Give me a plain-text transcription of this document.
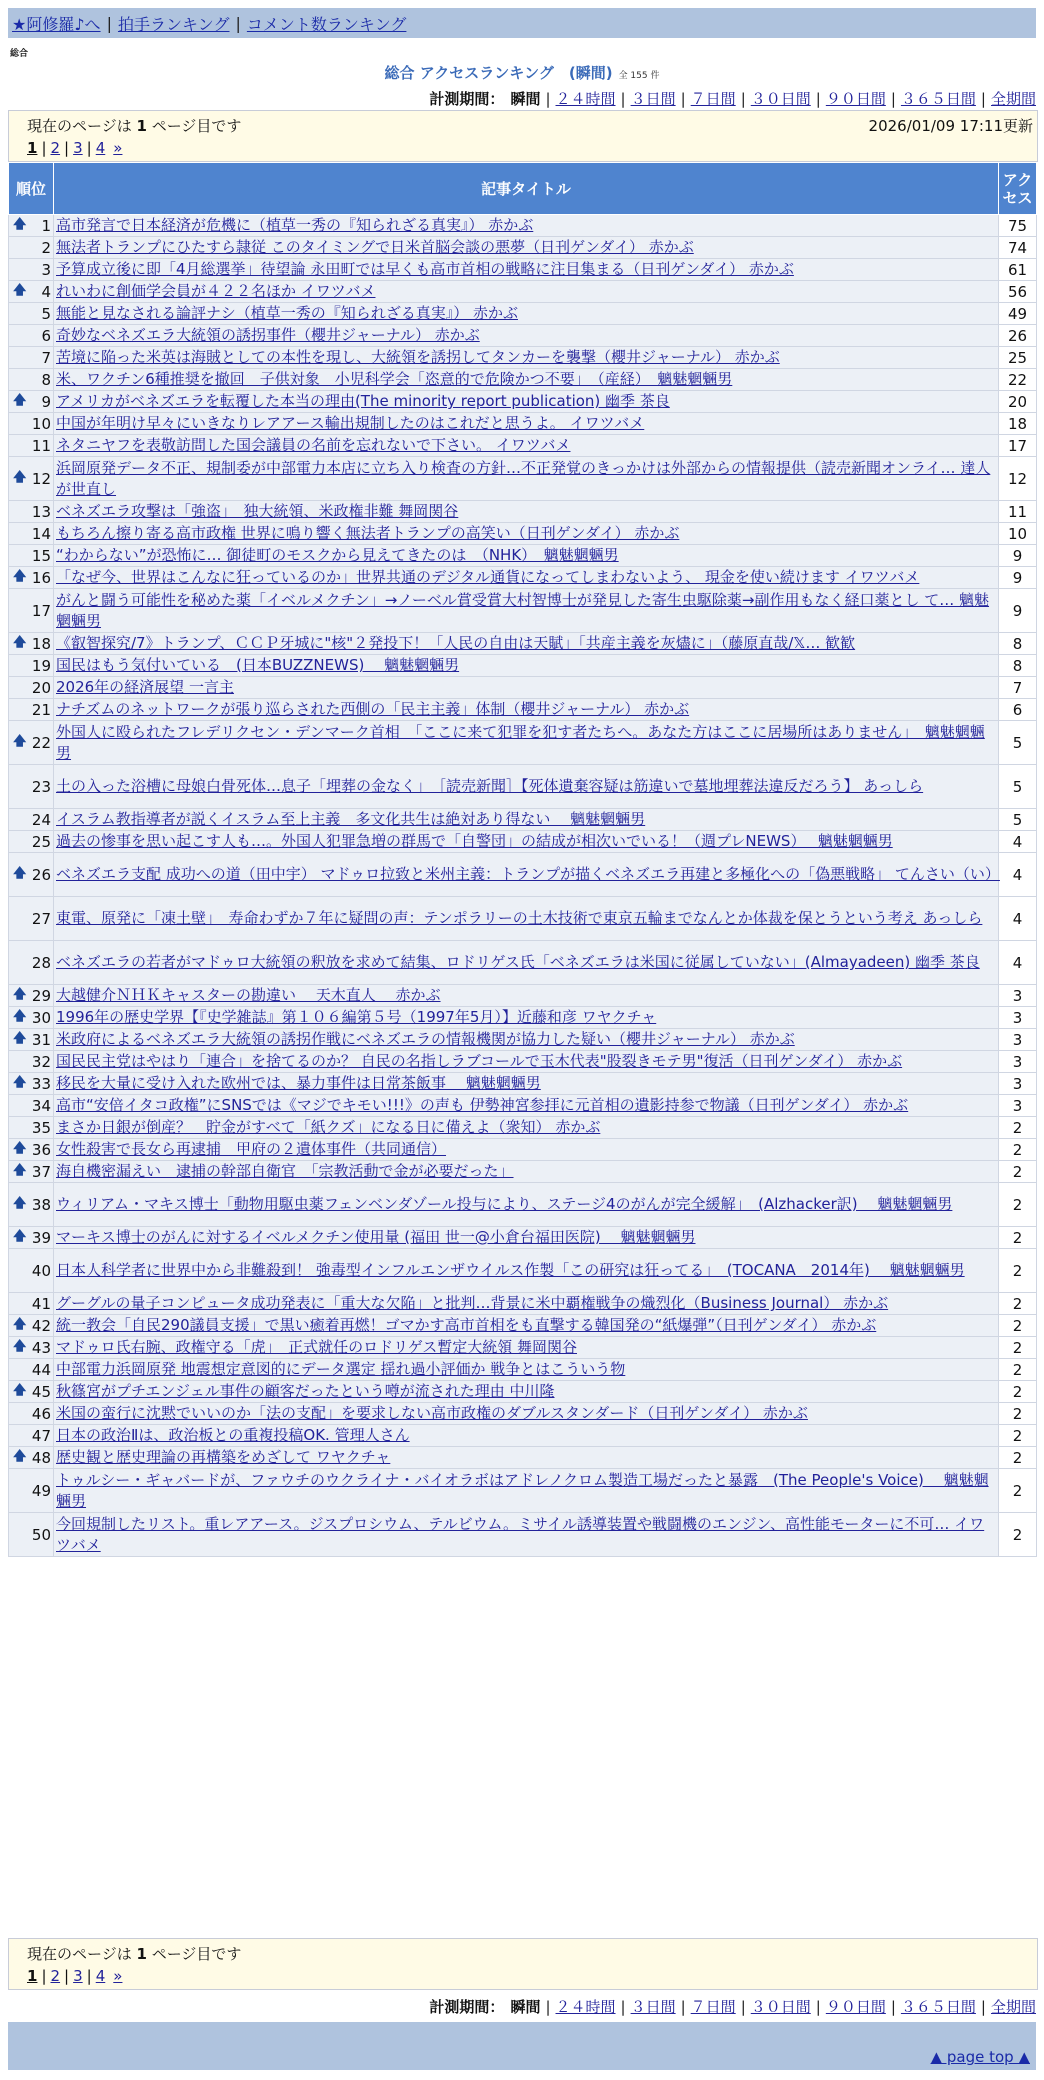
★阿修羅♪へ | 拍手ランキング | コメント数ランキング
総合
総合 アクセスランキング　(瞬間) 全 155 件
計測期間： 瞬間 | ２４時間 | ３日間 | ７日間 | ３０日間 | ９０日間 | ３６５日間 | 全期間
現在のページは 1 ページ目です	2026/01/09 17:11更新
1 | 2 | 3 | 4 »
順位	記事タイトル	アクセス

🡅 1	高市発言で日本経済が危機に（植草一秀の『知られざる真実』） 赤かぶ	75
2	無法者トランプにひたすら隷従 このタイミングで日米首脳会談の悪夢（日刊ゲンダイ） 赤かぶ	74
3	予算成立後に即「4月総選挙」待望論 永田町では早くも高市首相の戦略に注目集まる（日刊ゲンダイ） 赤かぶ	61

🡅 4	れいわに創価学会員が４２２名ほか イワツバメ	56
5	無能と見なされる論評ナシ（植草一秀の『知られざる真実』） 赤かぶ	49
6	奇妙なベネズエラ大統領の誘拐事件（櫻井ジャーナル） 赤かぶ	26
7	苦境に陥った米英は海賊としての本性を現し、大統領を誘拐してタンカーを襲撃（櫻井ジャーナル） 赤かぶ	25
8	米、ワクチン6種推奨を撤回　子供対象　小児科学会「恣意的で危険かつ不要」　（産経）　魑魅魍魎男	22

🡅 9	アメリカがベネズエラを転覆した本当の理由(The minority report publication) 幽季 茶良	20
10	中国が年明け早々にいきなりレアアース輸出規制したのはこれだと思うよ。 イワツバメ	18
11	ネタニヤフを表敬訪問した国会議員の名前を忘れないで下さい。 イワツバメ	17

🡅 12	浜岡原発データ不正、規制委が中部電力本店に立ち入り検査の方針…不正発覚のきっかけは外部からの情報提供（読売新聞オンライ… 達人が世直し	12
13	ベネズエラ攻撃は「強盗」　独大統領、米政権非難 舞岡関谷	11
14	もちろん擦り寄る高市政権 世界に鳴り響く無法者トランプの高笑い（日刊ゲンダイ） 赤かぶ	10
15	“わからない”が恐怖に… 御徒町のモスクから見えてきたのは　（NHK）　魑魅魍魎男	9

🡅 16	「なぜ今、世界はこんなに狂っているのか」世界共通のデジタル通貨になってしまわないよう、 現金を使い続けます イワツバメ	9
17	がんと闘う可能性を秘めた薬「イベルメクチン」→ノーベル賞受賞大村智博士が発見した寄生虫駆除薬→副作用もなく経口薬とし て… 魑魅魍魎男	9

🡅 18	《叡智探究/7》トランプ、ＣＣＰ牙城に"核"２発投下！「人民の自由は天賦」「共産主義を灰燼に」（藤原直哉/𝕏… 歓歓	8
19	国民はもう気付いている　(日本BUZZNEWS)　 魑魅魍魎男	8
20	2026年の経済展望 一言主	7
21	ナチズムのネットワークが張り巡らされた西側の「民主主義」体制（櫻井ジャーナル） 赤かぶ	6

🡅 22	外国人に殴られたフレデリクセン・デンマーク首相　「ここに来て犯罪を犯す者たちへ。あなた方はここに居場所はありません」　魑魅魍魎男	5
23	土の入った浴槽に母娘白骨死体…息子「埋葬の金なく」　［読売新聞］【死体遺棄容疑は筋違いで墓地埋葬法違反だろう】 あっしら	5
24	イスラム教指導者が説くイスラム至上主義　多文化共生は絶対あり得ない　 魑魅魍魎男	5
25	過去の惨事を思い起こす人も…。外国人犯罪急増の群馬で「自警団」の結成が相次いでいる！（週プレNEWS）　 魑魅魍魎男	4

🡅 26	ベネズエラ支配 成功への道（田中宇） マドゥロ拉致と米州主義：トランプが描くベネズエラ再建と多極化への「偽悪戦略」 てんさい（い）	4
27	東電、原発に「凍土壁」　寿命わずか７年に疑問の声：テンポラリーの土木技術で東京五輪までなんとか体裁を保とうという考え あっしら	4
28	ベネズエラの若者がマドゥロ大統領の釈放を求めて結集、ロドリゲス氏「ベネズエラは米国に従属していない」(Almayadeen) 幽季 茶良	4

🡅 29	大越健介ＮＨＫキャスターの勘違い　 天木直人　 赤かぶ	3

🡅 30	1996年の歴史学界【『史学雑誌』第１０６編第５号（1997年5月）】近藤和彦 ワヤクチャ	3

🡅 31	米政府によるベネズエラ大統領の誘拐作戦にベネズエラの情報機関が協力した疑い（櫻井ジャーナル） 赤かぶ	3
32	国民民主党はやはり「連合」を捨てるのか？ 自民の名指しラブコールで玉木代表"股裂きモテ男"復活（日刊ゲンダイ） 赤かぶ	3

🡅 33	移民を大量に受け入れた欧州では、暴力事件は日常茶飯事　 魑魅魍魎男	3
34	高市“安倍イタコ政権”にSNSでは《マジでキモい!!!》の声も 伊勢神宮参拝に元首相の遺影持参で物議（日刊ゲンダイ） 赤かぶ	3
35	まさか日銀が倒産？　貯金がすべて「紙クズ」になる日に備えよ（衆知） 赤かぶ	2

🡅 36	女性殺害で長女ら再逮捕　甲府の２遺体事件（共同通信）	2

🡅 37	海自機密漏えい　逮捕の幹部自衛官　「宗教活動で金が必要だった」	2

🡅 38	ウィリアム・マキス博士「動物用駆虫薬フェンベンダゾール投与により、ステージ4のがんが完全緩解」　(Alzhacker訳)　 魑魅魍魎男	2

🡅 39	マーキス博士のがんに対するイベルメクチン使用量 (福田 世一@小倉台福田医院)　 魑魅魍魎男	2
40	日本人科学者に世界中から非難殺到！ 強毒型インフルエンザウイルス作製「この研究は狂ってる」　(TOCANA　2014年)　 魑魅魍魎男	2
41	グーグルの量子コンピュータ成功発表に「重大な欠陥」と批判…背景に米中覇権戦争の熾烈化（Business Journal） 赤かぶ	2

🡅 42	統一教会「自民290議員支援」で黒い癒着再燃！ゴマかす高市首相をも直撃する韓国発の“紙爆弾”（日刊ゲンダイ） 赤かぶ	2

🡅 43	マドゥロ氏右腕、政権守る「虎」　正式就任のロドリゲス暫定大統領 舞岡関谷	2
44	中部電力浜岡原発 地震想定意図的にデータ選定 揺れ過小評価か 戦争とはこういう物	2

🡅 45	秋篠宮がプチエンジェル事件の顧客だったという噂が流された理由 中川隆	2
46	米国の蛮行に沈黙でいいのか「法の支配」を要求しない高市政権のダブルスタンダード（日刊ゲンダイ） 赤かぶ	2
47	日本の政治Ⅱは、政治板との重複投稿OK. 管理人さん	2

🡅 48	歴史観と歴史理論の再構築をめざして ワヤクチャ	2
49	トゥルシー・ギャバードが、ファウチのウクライナ・バイオラボはアドレノクロム製造工場だったと暴露　(The People's Voice)　 魑魅魍魎男	2
50	今回規制したリスト。重レアアース。ジスプロシウム、テルビウム。ミサイル誘導装置や戦闘機のエンジン、高性能モーターに不可… イワツバメ	2
現在のページは 1 ページ目です
1 | 2 | 3 | 4 »
計測期間： 瞬間 | ２４時間 | ３日間 | ７日間 | ３０日間 | ９０日間 | ３６５日間 | 全期間
▲ page top ▲
